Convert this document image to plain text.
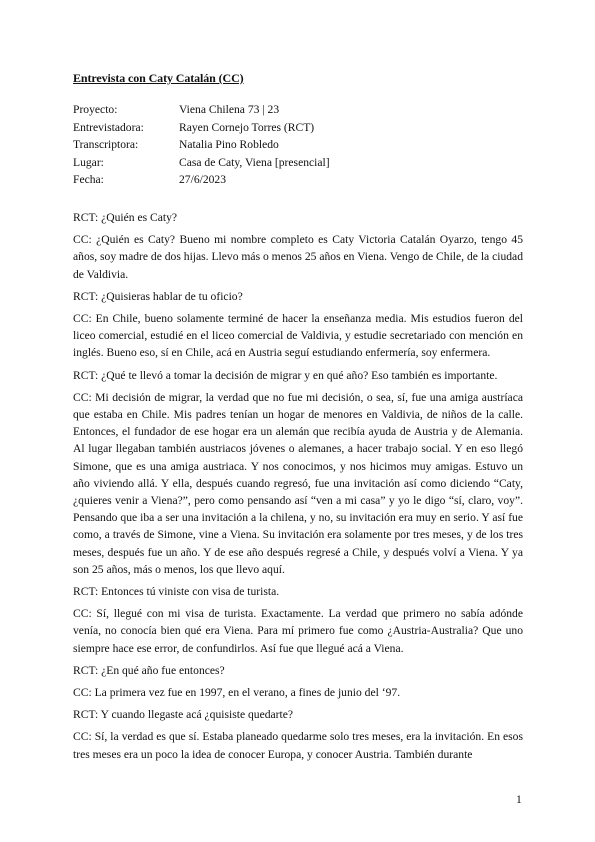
Entrevista con Caty Catalán (CC)
Proyecto:	Viena Chilena 73 | 23
Entrevistadora:	Rayen Cornejo Torres (RCT)
Transcriptora:	Natalia Pino Robledo
Lugar:	Casa de Caty, Viena [presencial]
Fecha:	27/6/2023

RCT: ¿Quién es Caty?

CC: ¿Quién es Caty? Bueno mi nombre completo es Caty Victoria Catalán Oyarzo, tengo 45 años, soy madre de dos hijas. Llevo más o menos 25 años en Viena. Vengo de Chile, de la ciudad de Valdivia.

RCT: ¿Quisieras hablar de tu oficio?

CC: En Chile, bueno solamente terminé de hacer la enseñanza media. Mis estudios fueron del liceo comercial, estudié en el liceo comercial de Valdivia, y estudie secretariado con mención en inglés. Bueno eso, sí en Chile, acá en Austria seguí estudiando enfermería, soy enfermera.

RCT: ¿Qué te llevó a tomar la decisión de migrar y en qué año? Eso también es importante.

CC: Mi decisión de migrar, la verdad que no fue mi decisión, o sea, sí, fue una amiga austríaca que estaba en Chile. Mis padres tenían un hogar de menores en Valdivia, de niños de la calle. Entonces, el fundador de ese hogar era un alemán que recibía ayuda de Austria y de Alemania. Al lugar llegaban también austriacos jóvenes o alemanes, a hacer trabajo social. Y en eso llegó Simone, que es una amiga austriaca. Y nos conocimos, y nos hicimos muy amigas. Estuvo un año viviendo allá. Y ella, después cuando regresó, fue una invitación así como diciendo “Caty, ¿quieres venir a Viena?”, pero como pensando así “ven a mi casa” y yo le digo “sí, claro, voy”. Pensando que iba a ser una invitación a la chilena, y no, su invitación era muy en serio. Y así fue como, a través de Simone, vine a Viena. Su invitación era solamente por tres meses, y de los tres meses, después fue un año. Y de ese año después regresé a Chile, y después volví a Viena. Y ya son 25 años, más o menos, los que llevo aquí.

RCT: Entonces tú viniste con visa de turista.

CC: Sí, llegué con mi visa de turista. Exactamente. La verdad que primero no sabía adónde venía, no conocía bien qué era Viena. Para mí primero fue como ¿Austria-Australia? Que uno siempre hace ese error, de confundirlos. Así fue que llegué acá a Viena.

RCT: ¿En qué año fue entonces?

CC: La primera vez fue en 1997, en el verano, a fines de junio del ‘97.

RCT: Y cuando llegaste acá ¿quisiste quedarte?

CC: Sí, la verdad es que sí. Estaba planeado quedarme solo tres meses, era la invitación. En esos tres meses era un poco la idea de conocer Europa, y conocer Austria. También durante

1
